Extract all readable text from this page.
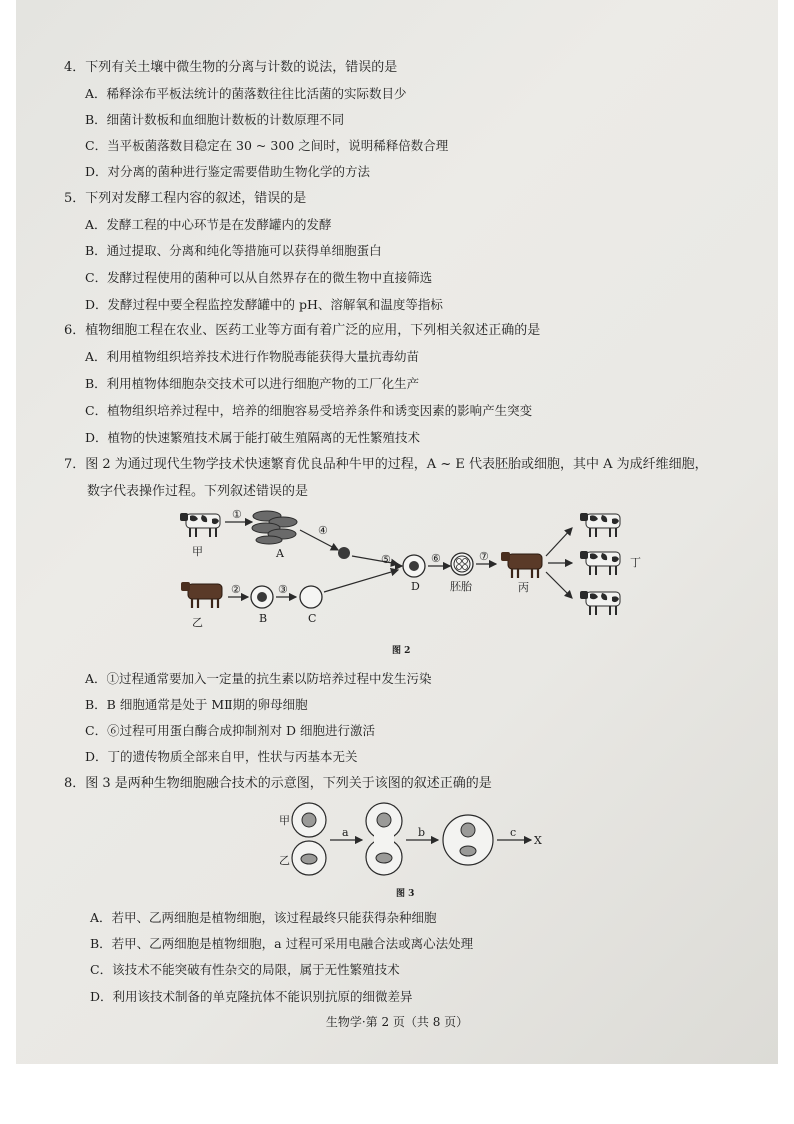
4．下列有关土壤中微生物的分离与计数的说法，错误的是
A．稀释涂布平板法统计的菌落数往往比活菌的实际数目少
B．细菌计数板和血细胞计数板的计数原理不同
C．当平板菌落数目稳定在 30 ~ 300 之间时，说明稀释倍数合理
D．对分离的菌种进行鉴定需要借助生物化学的方法
5．下列对发酵工程内容的叙述，错误的是
A．发酵工程的中心环节是在发酵罐内的发酵
B．通过提取、分离和纯化等措施可以获得单细胞蛋白
C．发酵过程使用的菌种可以从自然界存在的微生物中直接筛选
D．发酵过程中要全程监控发酵罐中的 pH、溶解氧和温度等指标
6．植物细胞工程在农业、医药工业等方面有着广泛的应用，下列相关叙述正确的是
A．利用植物组织培养技术进行作物脱毒能获得大量抗毒幼苗
B．利用植物体细胞杂交技术可以进行细胞产物的工厂化生产
C．植物组织培养过程中，培养的细胞容易受培养条件和诱变因素的影响产生突变
D．植物的快速繁殖技术属于能打破生殖隔离的无性繁殖技术
7．图 2 为通过现代生物学技术快速繁育优良品种牛甲的过程，A ~ E 代表胚胎或细胞，其中 A 为成纤维细胞，
数字代表操作过程。下列叙述错误的是
甲
①
A
④
乙
②
B
③
C
⑤
D
⑥
胚胎
⑦
丙
丁
图 2
A．①过程通常要加入一定量的抗生素以防培养过程中发生污染
B．B 细胞通常是处于 MⅡ期的卵母细胞
C．⑥过程可用蛋白酶合成抑制剂对 D 细胞进行激活
D．丁的遗传物质全部来自甲，性状与丙基本无关
8．图 3 是两种生物细胞融合技术的示意图，下列关于该图的叙述正确的是
甲
乙
a	b	c
X
图 3
A．若甲、乙两细胞是植物细胞，该过程最终只能获得杂种细胞
B．若甲、乙两细胞是植物细胞，a 过程可采用电融合法或离心法处理
C．该技术不能突破有性杂交的局限，属于无性繁殖技术
D．利用该技术制备的单克隆抗体不能识别抗原的细微差异
生物学·第 2 页（共 8 页）
